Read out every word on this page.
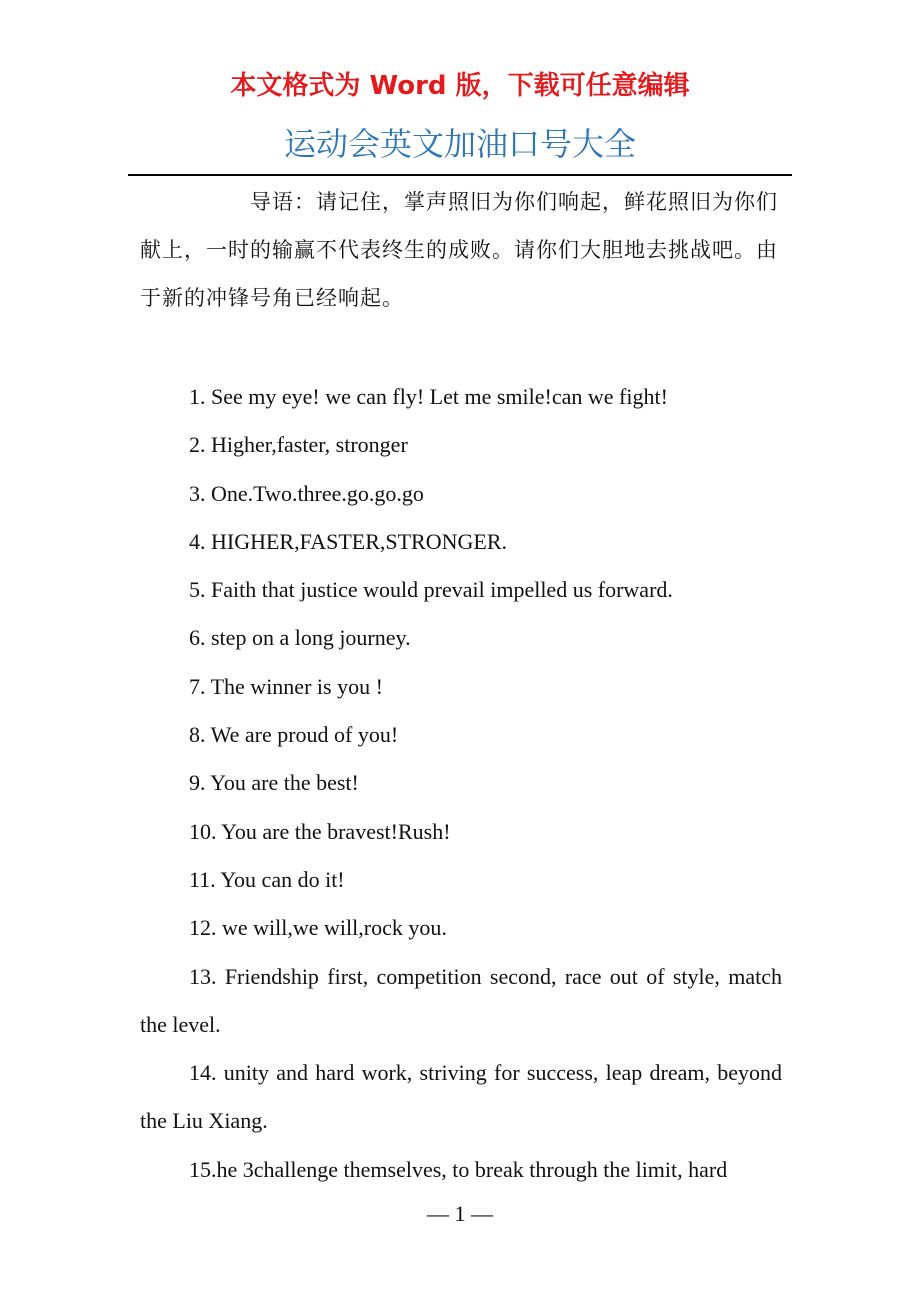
本文格式为 Word 版，下载可任意编辑
运动会英文加油口号大全
导语：请记住，掌声照旧为你们响起，鲜花照旧为你们献上，一时的输赢不代表终生的成败。请你们大胆地去挑战吧。由于新的冲锋号角已经响起。

1. See my eye! we can fly! Let me smile!can we fight!

2. Higher,faster, stronger

3. One.Two.three.go.go.go

4. HIGHER,FASTER,STRONGER.

5. Faith that justice would prevail impelled us forward.

6. step on a long journey.

7. The winner is you !

8. We are proud of you!

9. You are the best!

10. You are the bravest!Rush!

11. You can do it!

12. we will,we will,rock you.

13. Friendship first, competition second, race out of style, match the level.

14. unity and hard work, striving for success, leap dream, beyond the Liu Xiang.

15.he 3challenge themselves, to break through the limit, hard

— 1 —
